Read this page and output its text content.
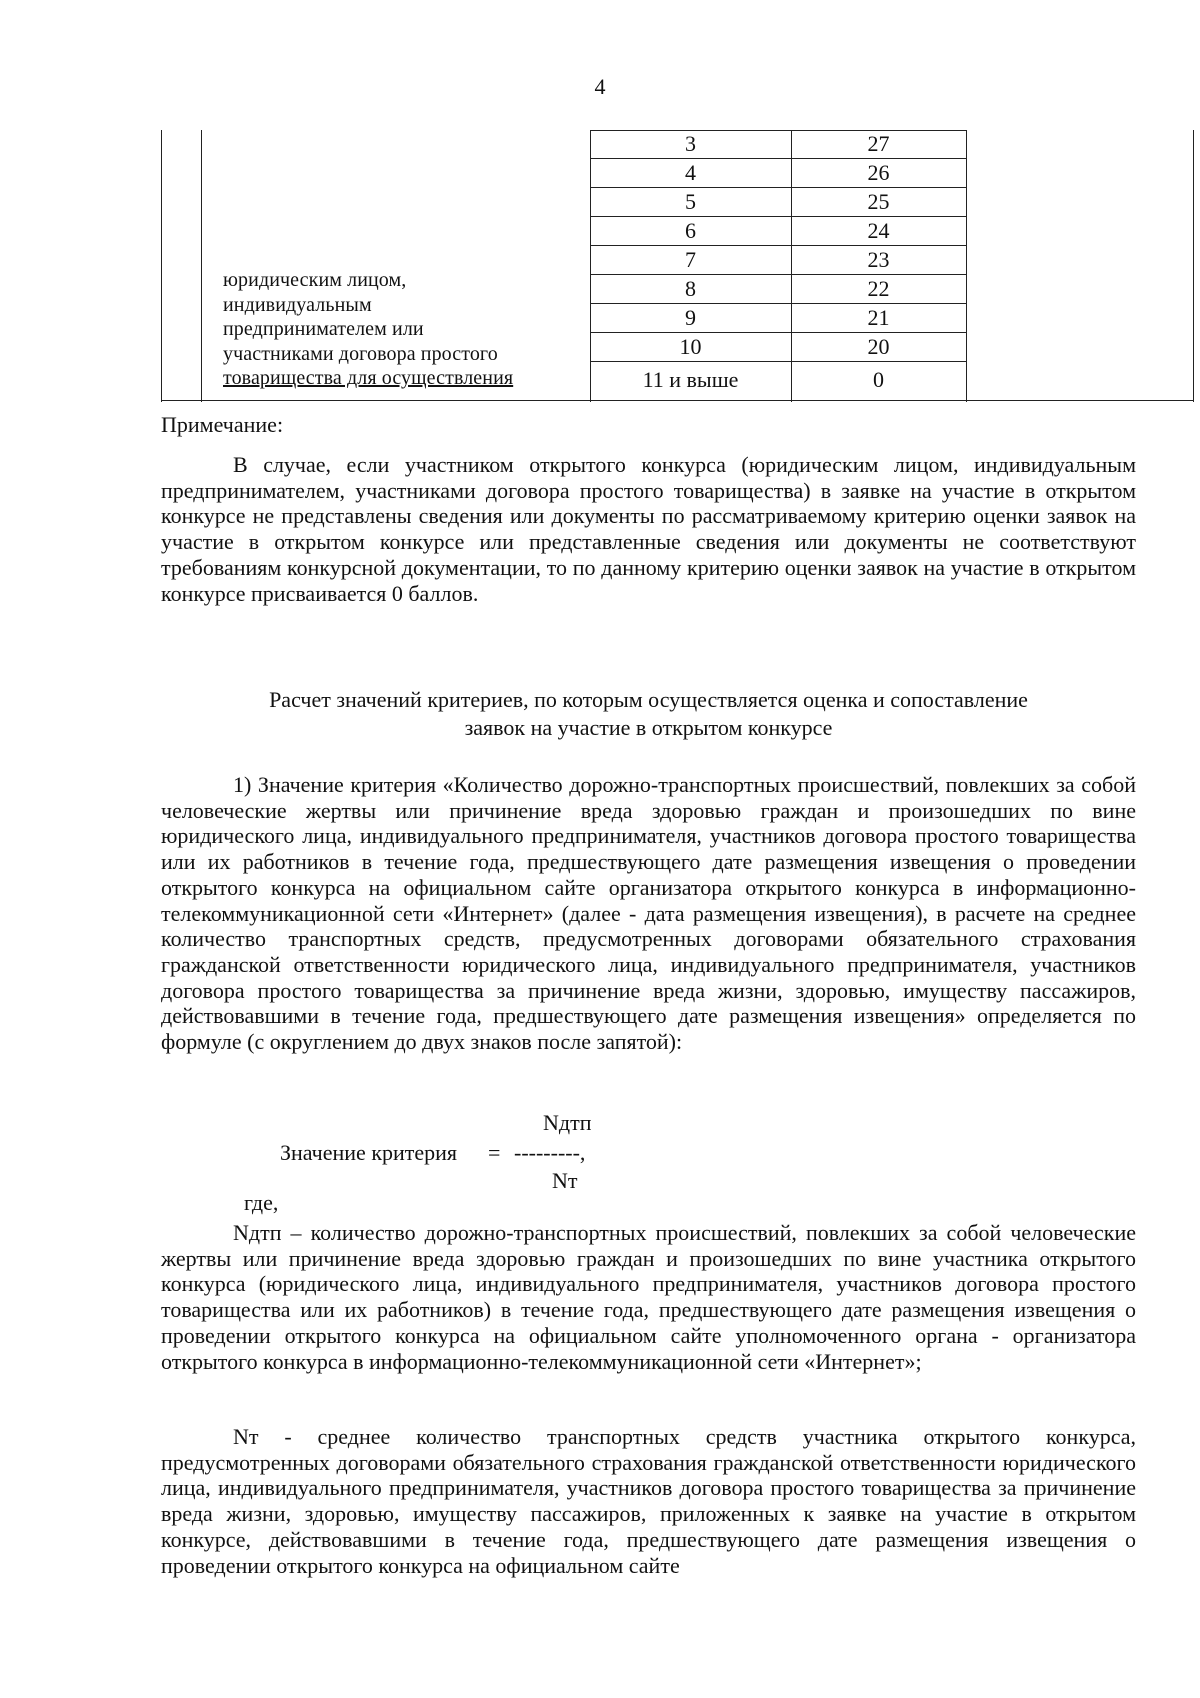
4
3	27
4	26
5	25
6	24
7	23
8	22
9	21
10	20
11 и выше	0
юридическим лицом,
индивидуальным
предпринимателем или
участниками договора простого
товарищества для осуществления
Примечание:

В случае, если участником открытого конкурса (юридическим лицом, индивидуальным предпринимателем, участниками договора простого товарищества) в заявке на участие в открытом конкурсе не представлены сведения или документы по рассматриваемому критерию оценки заявок на участие в открытом конкурсе или представленные сведения или документы не соответствуют требованиям конкурсной документации, то по данному критерию оценки заявок на участие в открытом конкурсе присваивается 0 баллов.

Расчет значений критериев, по которым осуществляется оценка и сопоставление
заявок на участие в открытом конкурсе

1) Значение критерия «Количество дорожно-транспортных происшествий, повлекших за собой человеческие жертвы или причинение вреда здоровью граждан и произошедших по вине юридического лица, индивидуального предпринимателя, участников договора простого товарищества или их работников в течение года, предшествующего дате размещения извещения о проведении открытого конкурса на официальном сайте организатора открытого конкурса в информационно-телекоммуникационной сети «Интернет» (далее - дата размещения извещения), в расчете на среднее количество транспортных средств, предусмотренных договорами обязательного страхования гражданской ответственности юридического лица, индивидуального предпринимателя, участников договора простого товарищества за причинение вреда жизни, здоровью, имуществу пассажиров, действовавшими в течение года, предшествующего дате размещения извещения» определяется по формуле (с округлением до двух знаков после запятой):

Nдтп
Значение критерия = ---------,
Nт
где,

Nдтп – количество дорожно-транспортных происшествий, повлекших за собой человеческие жертвы или причинение вреда здоровью граждан и произошедших по вине участника открытого конкурса (юридического лица, индивидуального предпринимателя, участников договора простого товарищества или их работников) в течение года, предшествующего дате размещения извещения о проведении открытого конкурса на официальном сайте уполномоченного органа - организатора открытого конкурса в информационно-телекоммуникационной сети «Интернет»;

Nт - среднее количество транспортных средств участника открытого конкурса, предусмотренных договорами обязательного страхования гражданской ответственности юридического лица, индивидуального предпринимателя, участников договора простого товарищества за причинение вреда жизни, здоровью, имуществу пассажиров, приложенных к заявке на участие в открытом конкурсе, действовавшими в течение года, предшествующего дате размещения извещения о проведении открытого конкурса на официальном сайте
